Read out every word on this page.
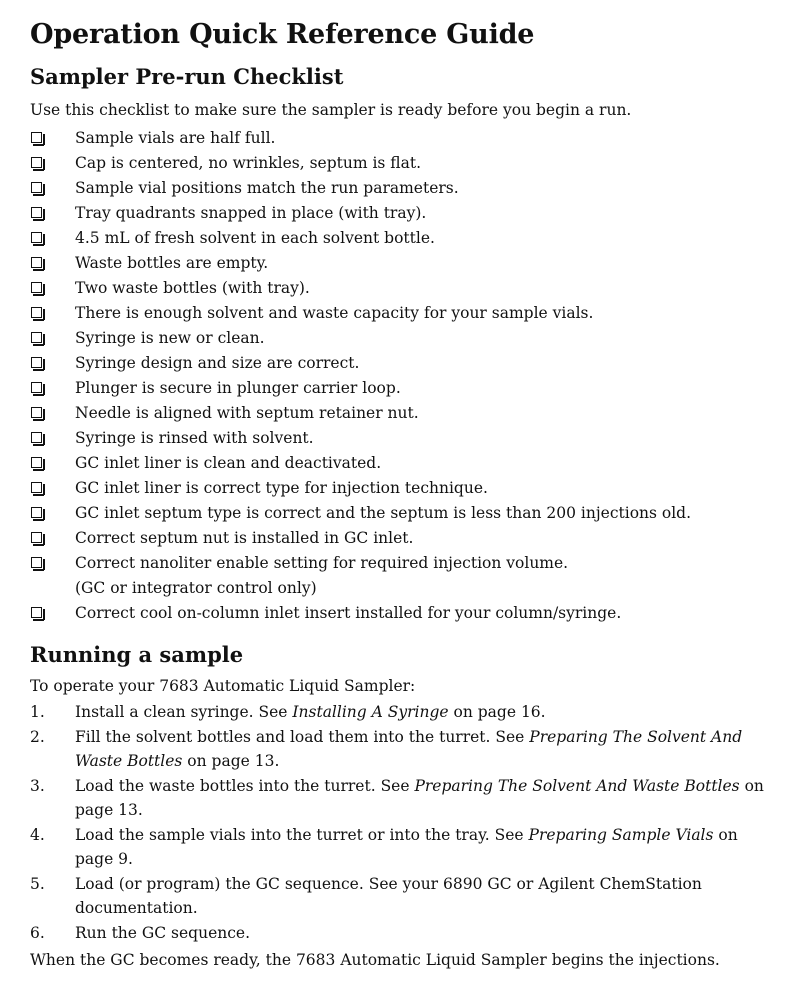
Operation Quick Reference Guide
Sampler Pre-run Checklist

Use this checklist to make sure the sampler is ready before you begin a run.

Sample vials are half full.
Cap is centered, no wrinkles, septum is flat.
Sample vial positions match the run parameters.
Tray quadrants snapped in place (with tray).
4.5 mL of fresh solvent in each solvent bottle.
Waste bottles are empty.
Two waste bottles (with tray).
There is enough solvent and waste capacity for your sample vials.
Syringe is new or clean.
Syringe design and size are correct.
Plunger is secure in plunger carrier loop.
Needle is aligned with septum retainer nut.
Syringe is rinsed with solvent.
GC inlet liner is clean and deactivated.
GC inlet liner is correct type for injection technique.
GC inlet septum type is correct and the septum is less than 200 injections old.
Correct septum nut is installed in GC inlet.
Correct nanoliter enable setting for required injection volume.
(GC or integrator control only)
Correct cool on-column inlet insert installed for your column/syringe.
Running a sample

To operate your 7683 Automatic Liquid Sampler:

1. Install a clean syringe. See Installing A Syringe on page 16.
2. Fill the solvent bottles and load them into the turret. See Preparing The Solvent And Waste Bottles on page 13.
3. Load the waste bottles into the turret. See Preparing The Solvent And Waste Bottles on page 13.
4. Load the sample vials into the turret or into the tray. See Preparing Sample Vials on page 9.
5. Load (or program) the GC sequence. See your 6890 GC or Agilent ChemStation documentation.
6. Run the GC sequence.

When the GC becomes ready, the 7683 Automatic Liquid Sampler begins the injections.
